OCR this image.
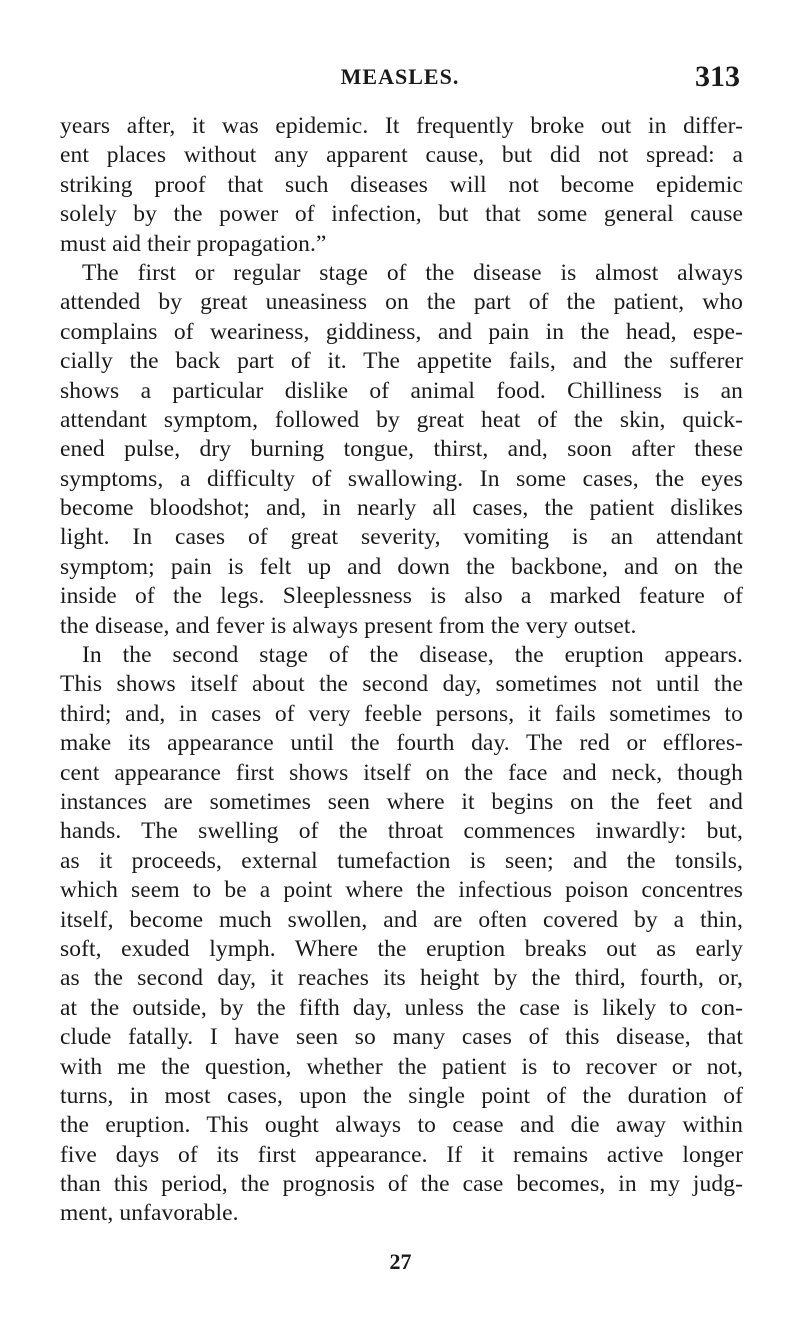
MEASLES.	313
years after, it was epidemic. It frequently broke out in differ-
ent places without any apparent cause, but did not spread: a
striking proof that such diseases will not become epidemic
solely by the power of infection, but that some general cause
must aid their propagation.”
The first or regular stage of the disease is almost always
attended by great uneasiness on the part of the patient, who
complains of weariness, giddiness, and pain in the head, espe-
cially the back part of it. The appetite fails, and the sufferer
shows a particular dislike of animal food. Chilliness is an
attendant symptom, followed by great heat of the skin, quick-
ened pulse, dry burning tongue, thirst, and, soon after these
symptoms, a difficulty of swallowing. In some cases, the eyes
become bloodshot; and, in nearly all cases, the patient dislikes
light. In cases of great severity, vomiting is an attendant
symptom; pain is felt up and down the backbone, and on the
inside of the legs. Sleeplessness is also a marked feature of
the disease, and fever is always present from the very outset.
In the second stage of the disease, the eruption appears.
This shows itself about the second day, sometimes not until the
third; and, in cases of very feeble persons, it fails sometimes to
make its appearance until the fourth day. The red or efflores-
cent appearance first shows itself on the face and neck, though
instances are sometimes seen where it begins on the feet and
hands. The swelling of the throat commences inwardly: but,
as it proceeds, external tumefaction is seen; and the tonsils,
which seem to be a point where the infectious poison concentres
itself, become much swollen, and are often covered by a thin,
soft, exuded lymph. Where the eruption breaks out as early
as the second day, it reaches its height by the third, fourth, or,
at the outside, by the fifth day, unless the case is likely to con-
clude fatally. I have seen so many cases of this disease, that
with me the question, whether the patient is to recover or not,
turns, in most cases, upon the single point of the duration of
the eruption. This ought always to cease and die away within
five days of its first appearance. If it remains active longer
than this period, the prognosis of the case becomes, in my judg-
ment, unfavorable.
27
